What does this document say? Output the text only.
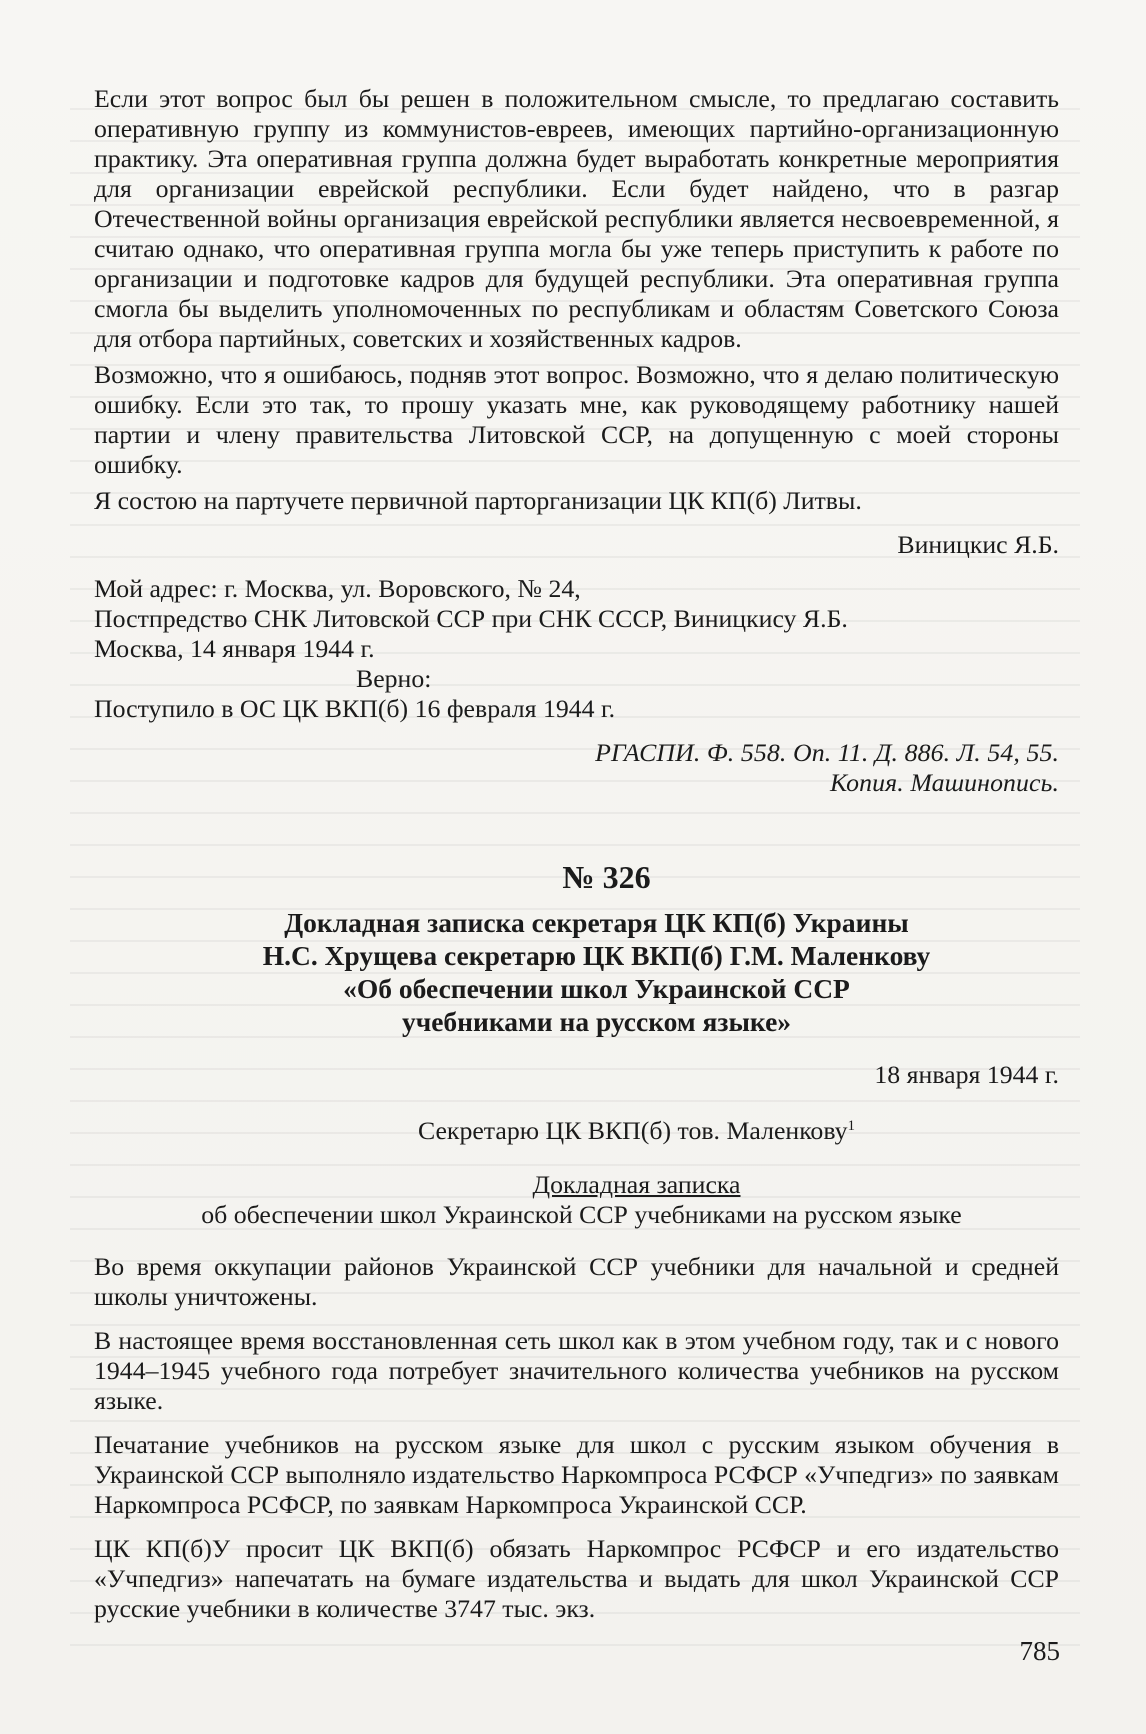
Если этот вопрос был бы решен в положительном смысле, то предлагаю составить оперативную группу из коммунистов-евреев, имеющих партийно-организационную практику. Эта оперативная группа должна будет выработать конкретные мероприятия для организации еврейской республики. Если будет найдено, что в разгар Отечественной войны организация еврейской республики является несвоевременной, я считаю однако, что оперативная группа могла бы уже теперь приступить к работе по организации и подготовке кадров для будущей республики. Эта оперативная группа смогла бы выделить уполномоченных по республикам и областям Советского Союза для отбора партийных, советских и хозяйственных кадров.

Возможно, что я ошибаюсь, подняв этот вопрос. Возможно, что я делаю политическую ошибку. Если это так, то прошу указать мне, как руководящему работнику нашей партии и члену правительства Литовской ССР, на допущенную с моей стороны ошибку.

Я состою на партучете первичной парторганизации ЦК КП(б) Литвы.

Виницкис Я.Б.

Мой адрес: г. Москва, ул. Воровского, № 24,

Постпредство СНК Литовской ССР при СНК СССР, Виницкису Я.Б.

Москва, 14 января 1944 г.

Верно:

Поступило в ОС ЦК ВКП(б) 16 февраля 1944 г.

РГАСПИ. Ф. 558. Оп. 11. Д. 886. Л. 54, 55.

Копия. Машинопись.

№ 326
Докладная записка секретаря ЦК КП(б) Украины
Н.С. Хрущева секретарю ЦК ВКП(б) Г.М. Маленкову
«Об обеспечении школ Украинской ССР
учебниками на русском языке»

18 января 1944 г.

Секретарю ЦК ВКП(б) тов. Маленкову$^1$

Докладная записка

об обеспечении школ Украинской ССР учебниками на русском языке

Во время оккупации районов Украинской ССР учебники для начальной и средней школы уничтожены.

В настоящее время восстановленная сеть школ как в этом учебном году, так и с нового 1944–1945 учебного года потребует значительного количества учебников на русском языке.

Печатание учебников на русском языке для школ с русским языком обучения в Украинской ССР выполняло издательство Наркомпроса РСФСР «Учпедгиз» по заявкам Наркомпроса РСФСР, по заявкам Наркомпроса Украинской ССР.

ЦК КП(б)У просит ЦК ВКП(б) обязать Наркомпрос РСФСР и его издательство «Учпедгиз» напечатать на бумаге издательства и выдать для школ Украинской ССР русские учебники в количестве 3747 тыс. экз.

785
